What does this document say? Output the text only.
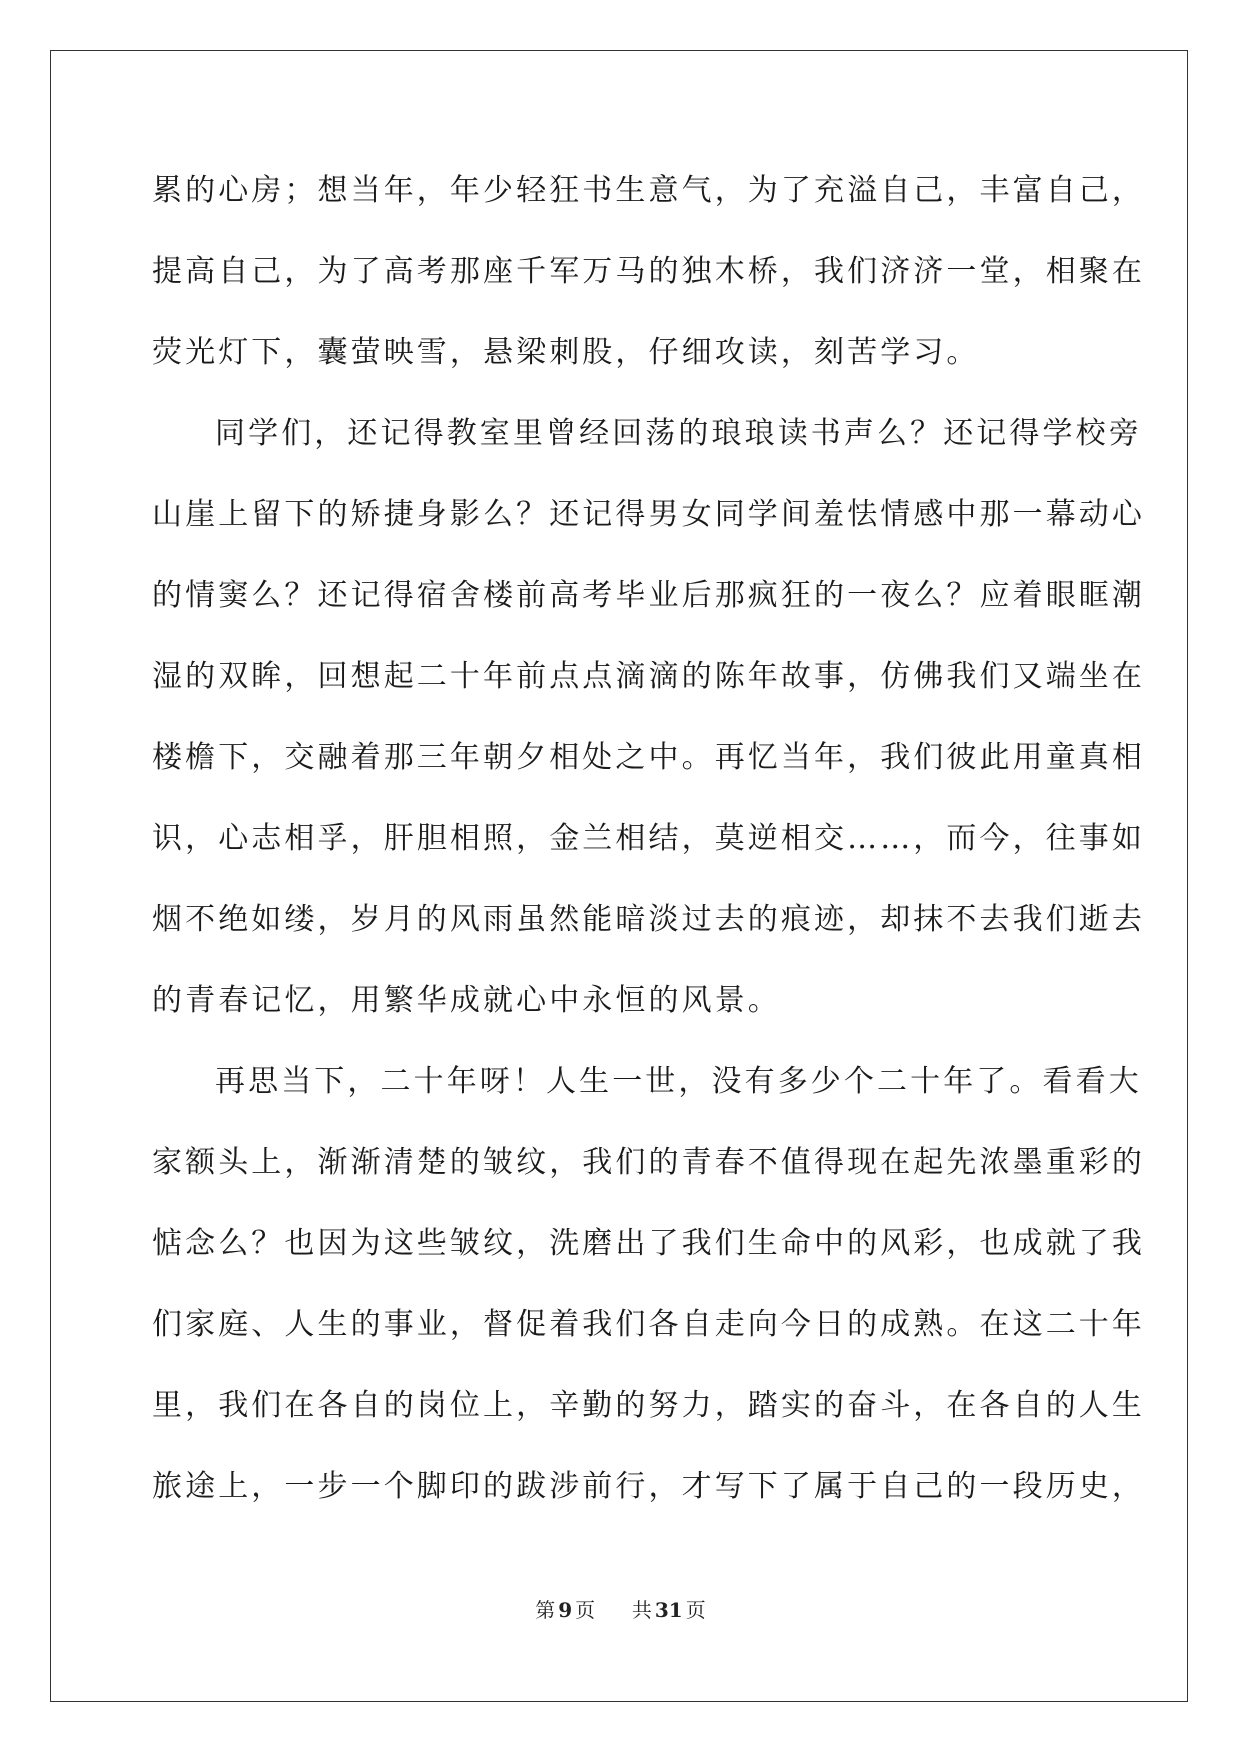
累的心房；想当年，年少轻狂书生意气，为了充溢自己，丰富自己，
提高自己，为了高考那座千军万马的独木桥，我们济济一堂，相聚在
荧光灯下，囊萤映雪，悬梁刺股，仔细攻读，刻苦学习。
同学们，还记得教室里曾经回荡的琅琅读书声么？还记得学校旁
山崖上留下的矫捷身影么？还记得男女同学间羞怯情感中那一幕动心
的情窦么？还记得宿舍楼前高考毕业后那疯狂的一夜么？应着眼眶潮
湿的双眸，回想起二十年前点点滴滴的陈年故事，仿佛我们又端坐在
楼檐下，交融着那三年朝夕相处之中。再忆当年，我们彼此用童真相
识，心志相孚，肝胆相照，金兰相结，莫逆相交……，而今，往事如
烟不绝如缕，岁月的风雨虽然能暗淡过去的痕迹，却抹不去我们逝去
的青春记忆，用繁华成就心中永恒的风景。
再思当下，二十年呀！人生一世，没有多少个二十年了。看看大
家额头上，渐渐清楚的皱纹，我们的青春不值得现在起先浓墨重彩的
惦念么？也因为这些皱纹，洗磨出了我们生命中的风彩，也成就了我
们家庭、人生的事业，督促着我们各自走向今日的成熟。在这二十年
里，我们在各自的岗位上，辛勤的努力，踏实的奋斗，在各自的人生
旅途上，一步一个脚印的跋涉前行，才写下了属于自己的一段历史，
第 9 页 共 31 页
